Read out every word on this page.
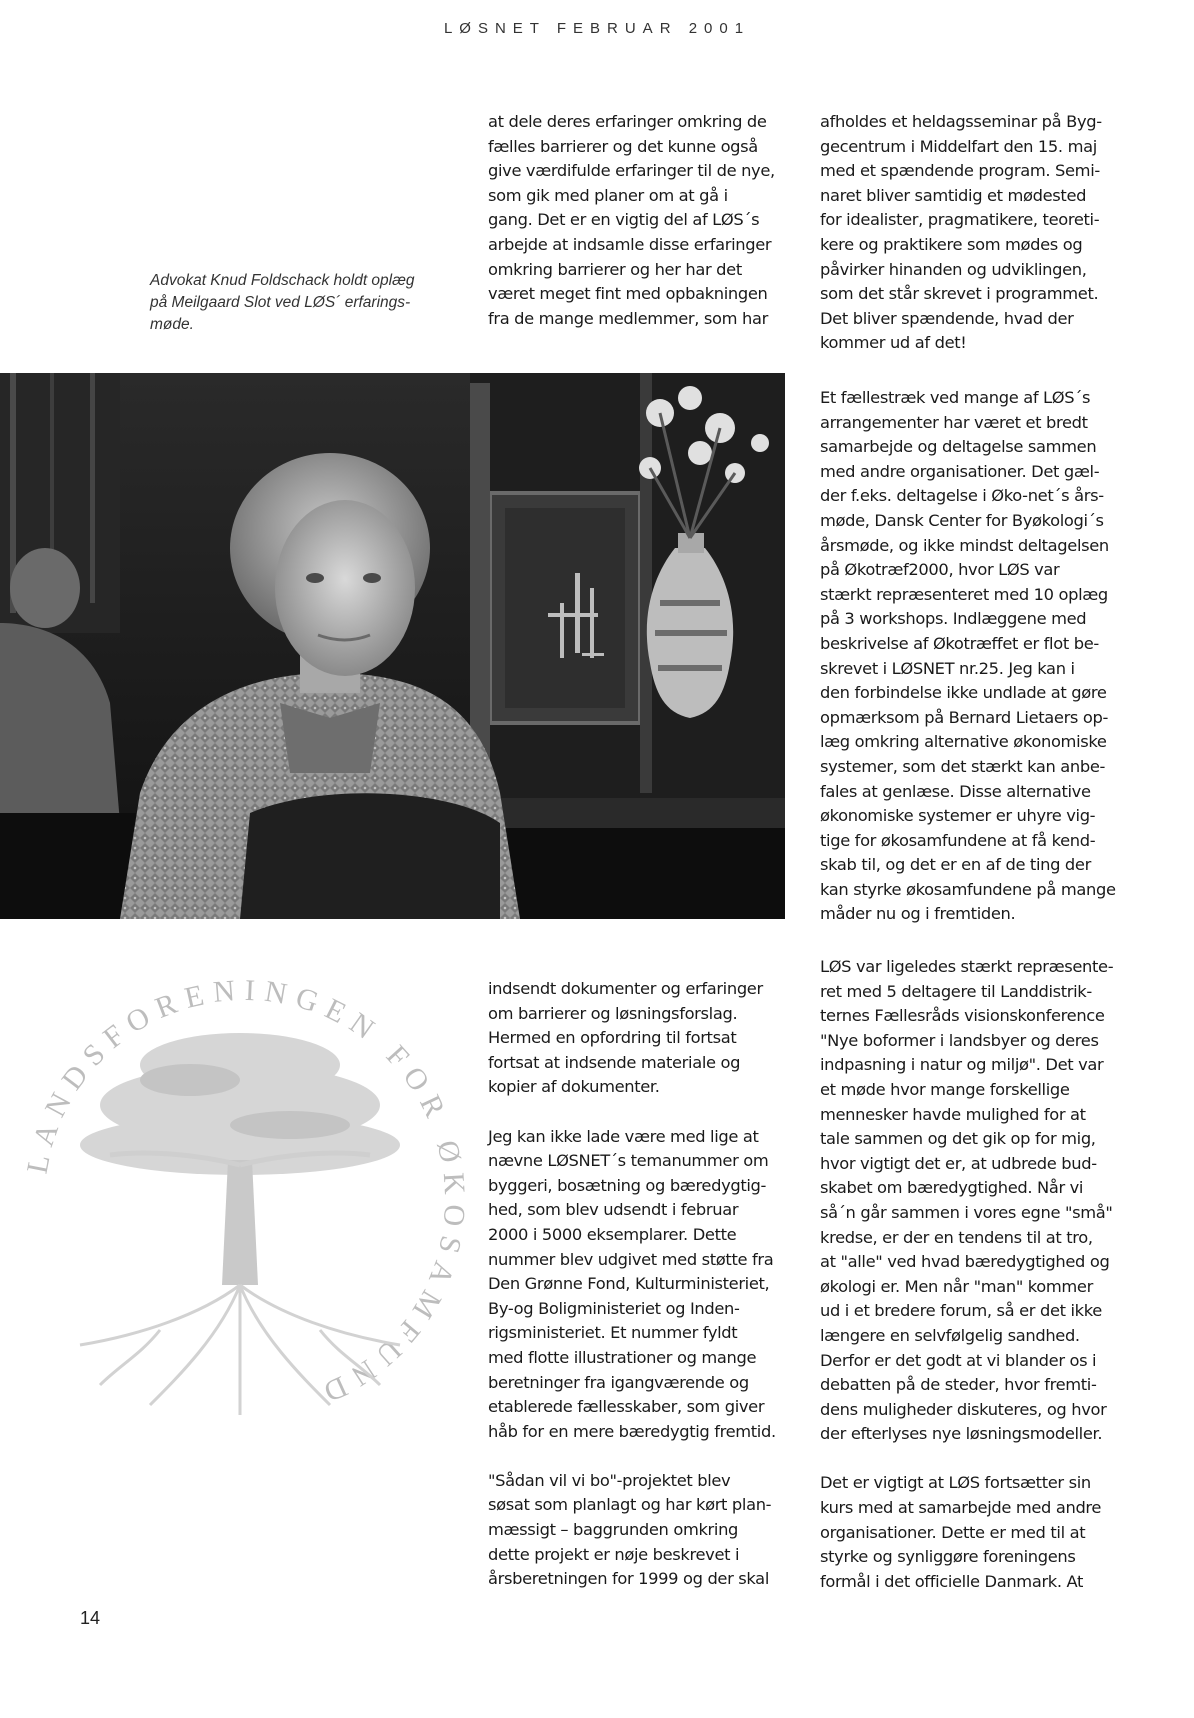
LØSNET FEBRUAR 2001
Advokat Knud Foldschack holdt oplæg
på Meilgaard Slot ved LØS´ erfarings-
møde.

at dele deres erfaringer omkring de
fælles barrierer og det kunne også
give værdifulde erfaringer til de nye,
som gik med planer om at gå i
gang. Det er en vigtig del af LØS´s
arbejde at indsamle disse erfaringer
omkring barrierer og her har det
været meget fint med opbakningen
fra de mange medlemmer, som har

afholdes et heldagsseminar på Byg-
gecentrum i Middelfart den 15. maj
med et spændende program. Semi-
naret bliver samtidig et mødested
for idealister, pragmatikere, teoreti-
kere og praktikere som mødes og
påvirker hinanden og udviklingen,
som det står skrevet i programmet.
Det bliver spændende, hvad der
kommer ud af det!

Et fællestræk ved mange af LØS´s
arrangementer har været et bredt
samarbejde og deltagelse sammen
med andre organisationer. Det gæl-
der f.eks. deltagelse i Øko-net´s års-
møde, Dansk Center for Byøkologi´s
årsmøde, og ikke mindst deltagelsen
på Økotræf2000, hvor LØS var
stærkt repræsenteret med 10 oplæg
på 3 workshops. Indlæggene med
beskrivelse af Økotræffet er flot be-
skrevet i LØSNET nr.25. Jeg kan i
den forbindelse ikke undlade at gøre
opmærksom på Bernard Lietaers op-
læg omkring alternative økonomiske
systemer, som det stærkt kan anbe-
fales at genlæse. Disse alternative
økonomiske systemer er uhyre vig-
tige for økosamfundene at få kend-
skab til, og det er en af de ting der
kan styrke økosamfundene på mange
måder nu og i fremtiden.

LANDSFORENINGEN FOR ØKOSAMFUND

indsendt dokumenter og erfaringer
om barrierer og løsningsforslag.
Hermed en opfordring til fortsat
fortsat at indsende materiale og
kopier af dokumenter.

Jeg kan ikke lade være med lige at
nævne LØSNET´s temanummer om
byggeri, bosætning og bæredygtig-
hed, som blev udsendt i februar
2000 i 5000 eksemplarer. Dette
nummer blev udgivet med støtte fra
Den Grønne Fond, Kulturministeriet,
By-og Boligministeriet og Inden-
rigsministeriet. Et nummer fyldt
med flotte illustrationer og mange
beretninger fra igangværende og
etablerede fællesskaber, som giver
håb for en mere bæredygtig fremtid.

"Sådan vil vi bo"-projektet blev
søsat som planlagt og har kørt plan-
mæssigt – baggrunden omkring
dette projekt er nøje beskrevet i
årsberetningen for 1999 og der skal

LØS var ligeledes stærkt repræsente-
ret med 5 deltagere til Landdistrik-
ternes Fællesråds visionskonference
"Nye boformer i landsbyer og deres
indpasning i natur og miljø". Det var
et møde hvor mange forskellige
mennesker havde mulighed for at
tale sammen og det gik op for mig,
hvor vigtigt det er, at udbrede bud-
skabet om bæredygtighed. Når vi
så´n går sammen i vores egne "små"
kredse, er der en tendens til at tro,
at "alle" ved hvad bæredygtighed og
økologi er. Men når "man" kommer
ud i et bredere forum, så er det ikke
længere en selvfølgelig sandhed.
Derfor er det godt at vi blander os i
debatten på de steder, hvor fremti-
dens muligheder diskuteres, og hvor
der efterlyses nye løsningsmodeller.

Det er vigtigt at LØS fortsætter sin
kurs med at samarbejde med andre
organisationer. Dette er med til at
styrke og synliggøre foreningens
formål i det officielle Danmark. At

14
